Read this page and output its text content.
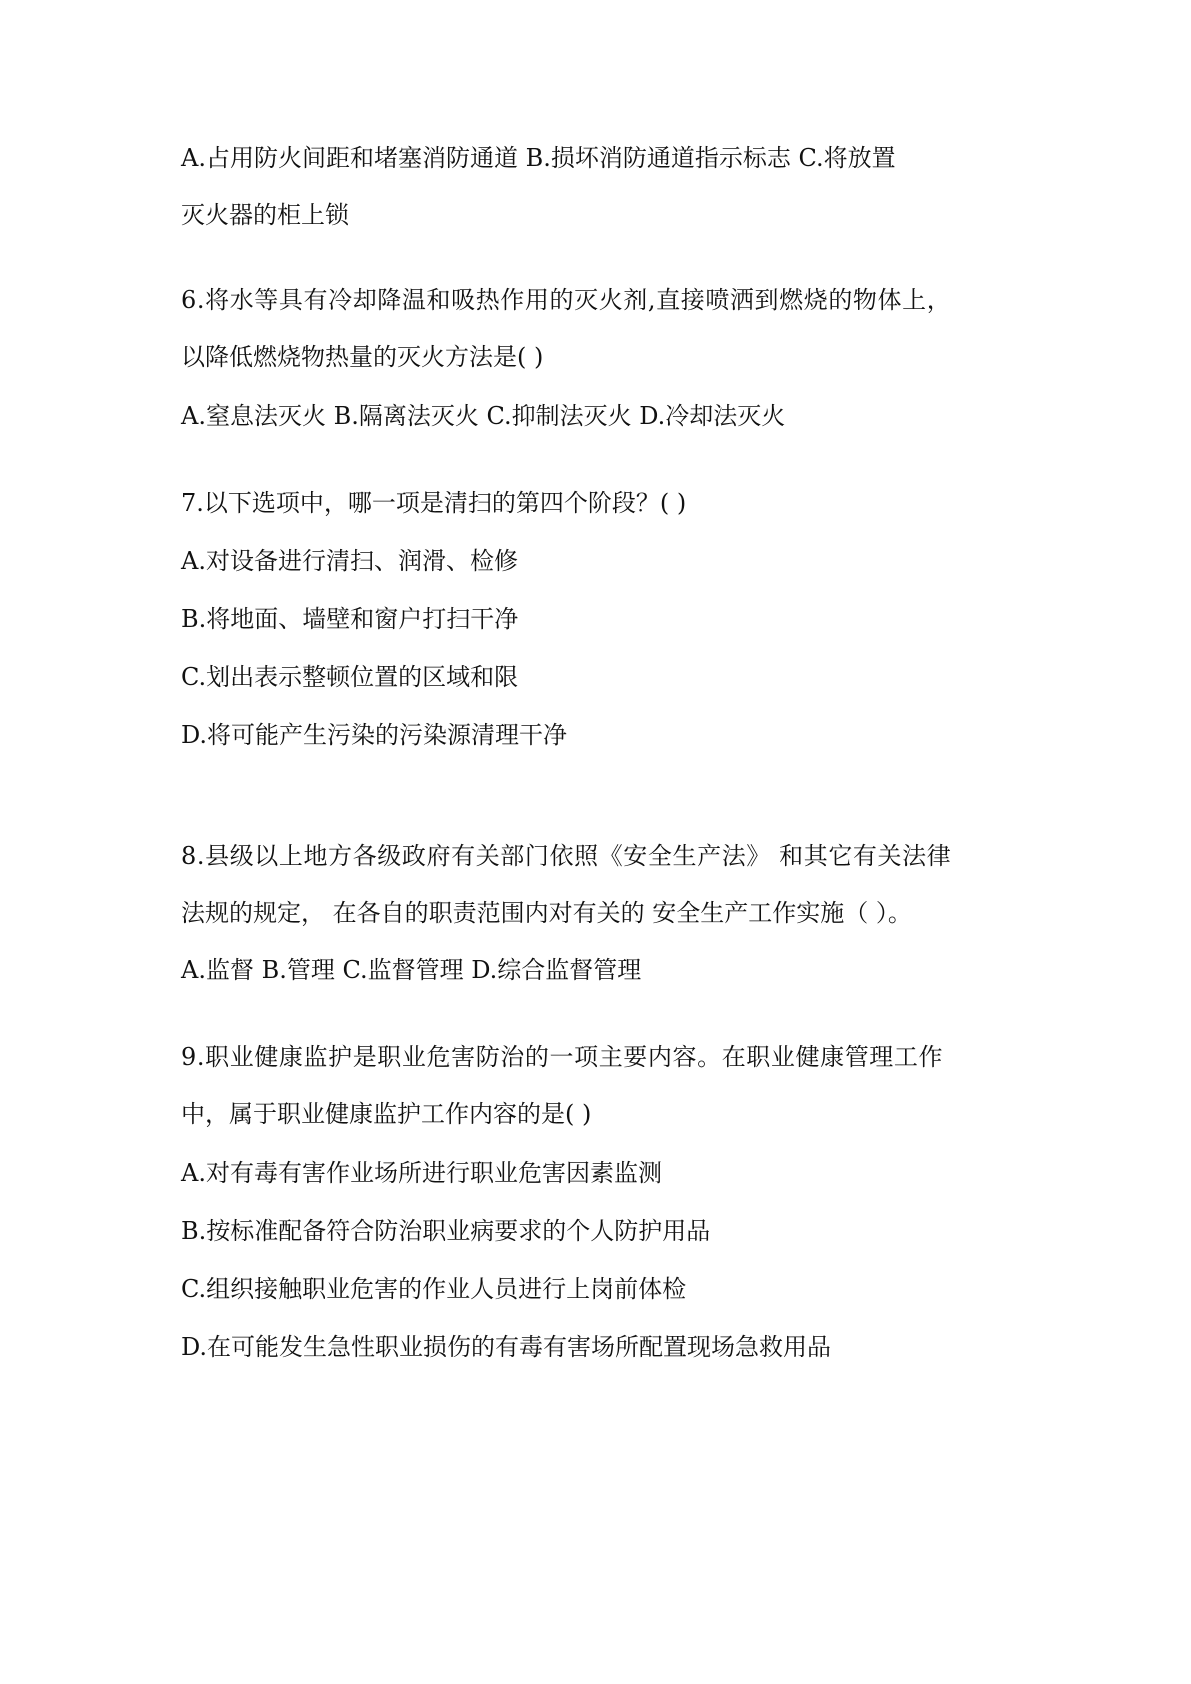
A.占用防火间距和堵塞消防通道 B.损坏消防通道指示标志 C.将放置
灭火器的柜上锁
6.将水等具有冷却降温和吸热作用的灭火剂,直接喷洒到燃烧的物体上，
以降低燃烧物热量的灭火方法是( )
A.窒息法灭火 B.隔离法灭火 C.抑制法灭火 D.冷却法灭火
7.以下选项中，哪一项是清扫的第四个阶段？( )
A.对设备进行清扫、润滑、检修
B.将地面、墙壁和窗户打扫干净
C.划出表示整顿位置的区域和限
D.将可能产生污染的污染源清理干净
8.县级以上地方各级政府有关部门依照《安全生产法》 和其它有关法律
法规的规定， 在各自的职责范围内对有关的 安全生产工作实施（ ）。
A.监督 B.管理 C.监督管理 D.综合监督管理
9.职业健康监护是职业危害防治的一项主要内容。在职业健康管理工作
中，属于职业健康监护工作内容的是( )
A.对有毒有害作业场所进行职业危害因素监测
B.按标准配备符合防治职业病要求的个人防护用品
C.组织接触职业危害的作业人员进行上岗前体检
D.在可能发生急性职业损伤的有毒有害场所配置现场急救用品
